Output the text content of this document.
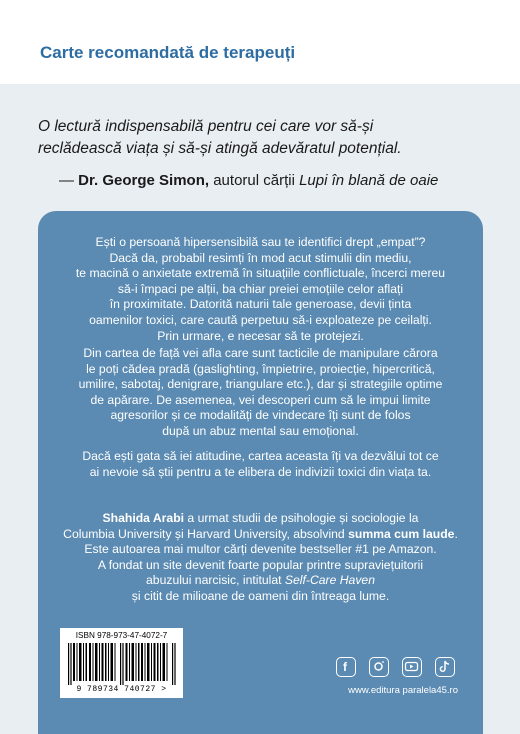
Carte recomandată de terapeuți
O lectură indispensabilă pentru cei care vor să-și
reclădească viața și să-și atingă adevăratul potențial.
— Dr. George Simon, autorul cărții Lupi în blană de oaie
Ești o persoană hipersensibilă sau te identifici drept „empat”?
Dacă da, probabil resimți în mod acut stimulii din mediu,
te macină o anxietate extremă în situațiile conflictuale, încerci mereu
să-i împaci pe alții, ba chiar preiei emoțiile celor aflați
în proximitate. Datorită naturii tale generoase, devii ținta
oamenilor toxici, care caută perpetuu să-i exploateze pe ceilalți.
Prin urmare, e necesar să te protejezi.
Din cartea de față vei afla care sunt tacticile de manipulare cărora
le poți cădea pradă (gaslighting, împietrire, proiecție, hipercritică,
umilire, sabotaj, denigrare, triangulare etc.), dar și strategiile optime
de apărare. De asemenea, vei descoperi cum să le impui limite
agresorilor și ce modalități de vindecare îți sunt de folos
după un abuz mental sau emoțional.
Dacă ești gata să iei atitudine, cartea aceasta îți va dezvălui tot ce
ai nevoie să știi pentru a te elibera de indivizii toxici din viața ta.
Shahida Arabi a urmat studii de psihologie și sociologie la
Columbia University și Harvard University, absolvind summa cum laude.
Este autoarea mai multor cărți devenite bestseller #1 pe Amazon.
A fondat un site devenit foarte popular printre supraviețuitorii
abuzului narcisic, intitulat Self-Care Haven
și citit de milioane de oameni din întreaga lume.
ISBN 978-973-47-4072-7
9 789734 740727 >
f
www.editura paralela45.ro
